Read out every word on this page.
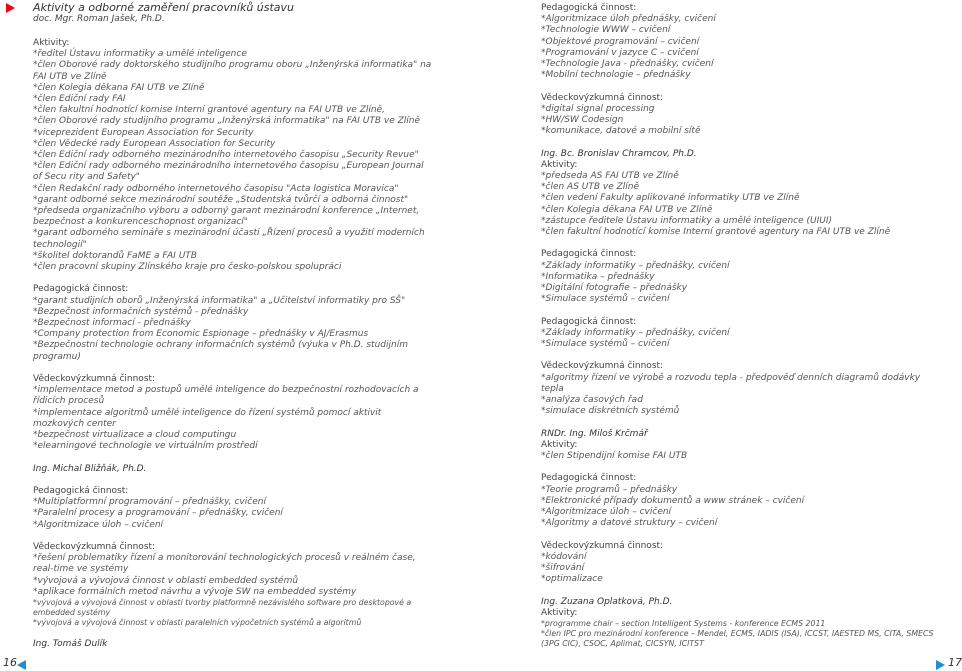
Aktivity a odborné zaměření pracovníků ústavu
doc. Mgr. Roman Jašek, Ph.D.
Aktivity:
*ředitel Ústavu informatiky a umělé inteligence
*člen Oborové rady doktorského studijního programu oboru „Inženýrská informatika" na FAI UTB ve Zlíně
*člen Kolegia děkana FAI UTB ve Zlíně
*člen Ediční rady FAI
*člen fakultní hodnotící komise Interní grantové agentury na FAI UTB ve Zlíně,
*člen Oborové rady studijního programu „Inženýrská informatika" na FAI UTB ve Zlíně
*viceprezident European Association for Security
*člen Vědecké rady European Association for Security
*člen Ediční rady odborného mezinárodního internetového časopisu „Security Revue"
*člen Ediční rady odborného mezinárodního internetového časopisu „European Journal of Secu rity and Safety"
*člen Redakční rady odborného internetového časopisu "Acta logistica Moravica"
*garant odborné sekce mezinárodní soutěže „Studentská tvůrčí a odborná činnost"
*předseda organizačního výboru a odborný garant mezinárodní konference „Internet, bezpečnost a konkurenceschopnost organizací"
*garant odborného semináře s mezinárodní účastí „Řízení procesů a využití moderních technologií"
*školitel doktorandů FaME a FAI UTB
*člen pracovní skupiny Zlínského kraje pro česko-polskou spolupráci
Pedagogická činnost:
*garant studijních oborů „Inženýrská informatika" a „Učitelství informatiky pro SŠ"
*Bezpečnost informačních systémů - přednášky
*Bezpečnost informací - přednášky
*Company protection from Economic Espionage – přednášky v AJ/Erasmus
*Bezpečnostní technologie ochrany informačních systémů (výuka v Ph.D. studijním programu)
Vědeckovýzkumná činnost:
*implementace metod a postupů umělé inteligence do bezpečnostní rozhodovacích a řídicích procesů
*implementace algoritmů umělé inteligence do řízení systémů pomocí aktivit mozkových center
*bezpečnost virtualizace a cloud computingu
*elearningové technologie ve virtuálním prostředí
Ing. Michal Bližňák, Ph.D.
Pedagogická činnost:
*Multiplatformní programování – přednášky, cvičení
*Paralelní procesy a programování – přednášky, cvičení
*Algoritmizace úloh – cvičení
Vědeckovýzkumná činnost:
*řešení problematiky řízení a monitorování technologických procesů v reálném čase, real-time ve systémy
*vývojová a vývojová činnost v oblasti embedded systémů
*aplikace formálních metod návrhu a vývoje SW na embedded systémy
*vývojová a vývojová činnost v oblasti tvorby platformně nezávislého software pro desktopové a embedded systémy
*vývojová a vývojová činnost v oblasti paralelních výpočetních systémů a algoritmů
Ing. Tomáš Dulík
Pedagogická činnost:
*Algoritmizace úloh přednášky, cvičení
*Technologie WWW – cvičení
*Objektové programování – cvičení
*Programování v jazyce C – cvičení
*Technologie Java - přednášky, cvičení
*Mobilní technologie – přednášky
Vědeckovýzkumná činnost:
*digital signal processing
*HW/SW Codesign
*komunikace, datové a mobilní sítě
Ing. Bc. Bronislav Chramcov, Ph.D.
Aktivity:
*předseda AS FAI UTB ve Zlíně
*člen AS UTB ve Zlíně
*člen vedení Fakulty aplikované informatiky UTB ve Zlíně
*člen Kolegia děkana FAI UTB ve Zlíně
*zástupce ředitele Ústavu informatiky a umělé inteligence (UIUI)
*člen fakultní hodnotící komise Interní grantové agentury na FAI UTB ve Zlíně
Pedagogická činnost:
*Základy informatiky – přednášky, cvičení
*Informatika – přednášky
*Digitální fotografie – přednášky
*Simulace systémů – cvičení
Pedagogická činnost:
*Základy informatiky – přednášky, cvičení
*Simulace systémů – cvičení
Vědeckovýzkumná činnost:
*algoritmy řízení ve výrobě a rozvodu tepla - předpověď denních diagramů dodávky tepla
*analýza časových řad
*simulace diskrétních systémů
RNDr. Ing. Miloš Krčmář
Aktivity:
*člen Stipendijní komise FAI UTB
Pedagogická činnost:
*Teorie programů – přednášky
*Elektronické případy dokumentů a www stránek – cvičení
*Algoritmizace úloh – cvičení
*Algoritmy a datové struktury – cvičení
Vědeckovýzkumná činnost:
*kódování
*šifrování
*optimalizace
Ing. Zuzana Oplatková, Ph.D.
Aktivity:
*programme chair – section Intelligent Systems - konference ECMS 2011
*člen IPC pro mezinárodní konference – Mendel, ECMS, IADIS (ISA), ICCST, IAESTED MS, CITA, SMECS (3PG CIC), CSOC, Aplimat, CICSYN, ICITST
16	17
